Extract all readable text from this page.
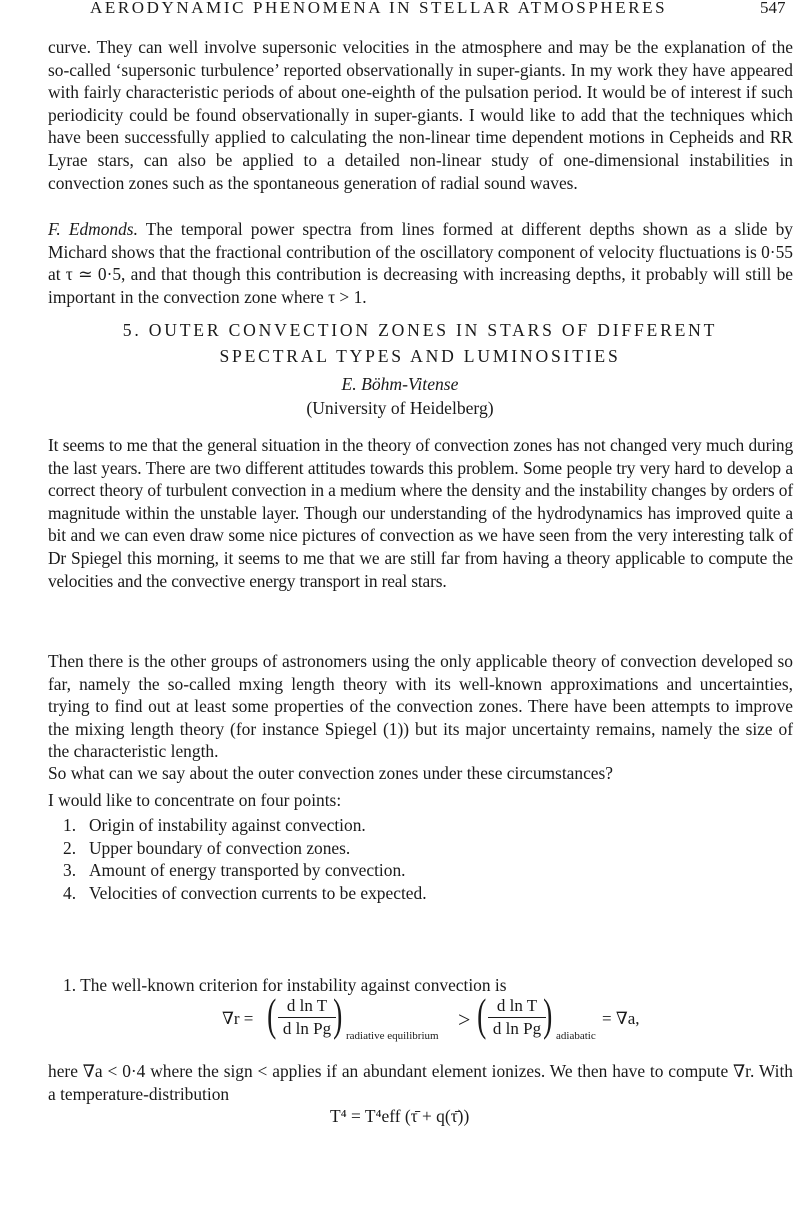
AERODYNAMIC PHENOMENA IN STELLAR ATMOSPHERES	547

curve. They can well involve supersonic velocities in the atmosphere and may be the explanation of the so-called ‘supersonic turbulence’ reported observationally in super-giants. In my work they have appeared with fairly characteristic periods of about one-eighth of the pulsation period. It would be of interest if such periodicity could be found observationally in super-giants. I would like to add that the techniques which have been successfully applied to calculating the non-linear time dependent motions in Cepheids and RR Lyrae stars, can also be applied to a detailed non-linear study of one-dimensional instabilities in convection zones such as the spontaneous generation of radial sound waves.

F. Edmonds. The temporal power spectra from lines formed at different depths shown as a slide by Michard shows that the fractional contribution of the oscillatory component of velocity fluctuations is 0·55 at τ ≃ 0·5, and that though this contribution is decreasing with increasing depths, it probably will still be important in the convection zone where τ > 1.

5. OUTER CONVECTION ZONES IN STARS OF DIFFERENT
SPECTRAL TYPES AND LUMINOSITIES
E. Böhm-Vitense
(University of Heidelberg)

It seems to me that the general situation in the theory of convection zones has not changed very much during the last years. There are two different attitudes towards this problem. Some people try very hard to develop a correct theory of turbulent convection in a medium where the density and the instability changes by orders of magnitude within the unstable layer. Though our understanding of the hydrodynamics has improved quite a bit and we can even draw some nice pictures of convection as we have seen from the very interesting talk of Dr Spiegel this morning, it seems to me that we are still far from having a theory applicable to compute the velocities and the convective energy transport in real stars.

Then there is the other groups of astronomers using the only applicable theory of convection developed so far, namely the so-called mxing length theory with its well-known approximations and uncertainties, trying to find out at least some properties of the convection zones. There have been attempts to improve the mixing length theory (for instance Spiegel (1)) but its major uncertainty remains, namely the size of the characteristic length.

So what can we say about the outer convection zones under these circumstances?

I would like to concentrate on four points:

1. Origin of instability against convection.
2. Upper boundary of convection zones.
3. Amount of energy transported by convection.
4. Velocities of convection currents to be expected.
1. The well-known criterion for instability against convection is
∇r = ( d ln T
d ln Pg ) radiative equilibrium
> ( d ln T
d ln Pg ) adiabatic
= ∇a,

here ∇a < 0·4 where the sign < applies if an abundant element ionizes. We then have to compute ∇r. With a temperature-distribution

T⁴ = T⁴eff (τ̄ + q(τ̄))
